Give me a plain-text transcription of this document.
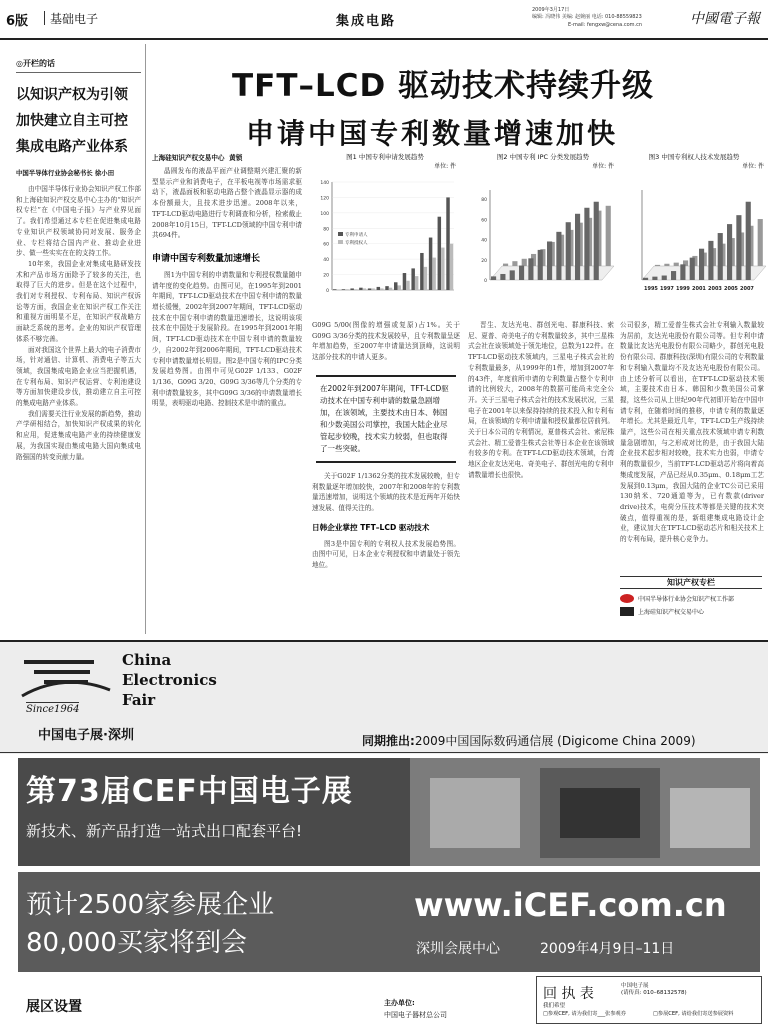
6版 基础电子	集成电路
2009年3月17日
编辑: 冯晓伟 美编: 赵婉丽 电话: 010-88559823
E-mail: fengxw@cena.com.cn	中國電子報
◎开栏的话
以知识产权为引领
加快建立自主可控
集成电路产业体系
中国半导体行业协会秘书长 徐小田

由中国半导体行业协会知识产权工作部和上海硅知识产权交易中心主办的“知识产权专栏”在《中国电子报》与产业界见面了。我们希望通过本专栏在促进集成电路专业知识产权领域协同对发展、服务企业、专栏将结合国内产业、推动企业进步、做一些实实在在的支持工作。

10年来，我国企业对集成电路研发技术和产品市场方面除予了较多的关注，也取得了巨大的进步。但是在这个过程中，我们对专利授权、专利布局、知识产权诉讼等方面，我国企业在知识产权工作关注和重视方面明显不足，在知识产权战略方面缺乏系统的思考。企业的知识产权管理体系不够完善。

面对我国这个世界上最大的电子消费市场，针对通信、计算机、消费电子等五大领域，我国集成电路企业应当把握机遇，在专利布局、知识产权运营、专利池建设等方面加快建设步伐，推动建立自主可控的集成电路产业体系。

我们需要关注行业发展的新趋势，推动产学研相结合，加快知识产权成果的转化和应用，促进集成电路产业的持续健康发展，为我国实现由集成电路大国向集成电路强国的转变贡献力量。

TFT–LCD 驱动技术持续升级
申请中国专利数量增速加快
上海硅知识产权交易中心 黄锁

晶圆发布的液晶平面产业调整期兴建汇聚的新型显示产业和消费电子，在平板电视等市场需求驱动下，液晶面板和驱动电路占整个液晶显示器的成本份额最大，且技术进步迅速。2008年以来，TFT-LCD驱动电路进行专利调查和分析，检索截止2008年10月15日，TFT-LCD领域的中国专利申请共694件。

申请中国专利数量加速增长

图1为中国专利的申请数量和专利授权数量随申请年度的变化趋势。由图可见，在1995年到2001年期间，TFT-LCD驱动技术在中国专利申请的数量增长缓慢，2002年到2007年期间，TFT-LCD驱动技术在中国专利申请的数量迅速增长，这说明该项技术在中国处于发展阶段。在1995年到2001年期间，TFT-LCD驱动技术在中国专利申请的数量较少，自2002年到2006年期间，TFT-LCD驱动技术专利申请数量增长明显。图2是中国专利的IPC分类发展趋势图。由图中可见G02F 1/133、G02F 1/136、G09G 3/20、G09G 3/36等几个分类的专利申请数量较多，其中G09G 3/36的申请数量增长明显，表明驱动电路、控制技术是申请的重点。

图1 中国专利申请发展趋势
单位: 件
0
20
40
60
80
100
120
140
专利申请人
专利授权人
图2 中国专利 IPC 分类发展趋势
单位: 件
0
20
40
60
80
图3 中国专利权人技术发展趋势
单位: 件
1995 1997 1999 2001 2003 2005 2007

G09G 5/00(图像的增强或复原)占1%。关于G09G 3/36分类的技术发展较早，且专利数量呈逐年增加趋势，至2007年申请量达到顶峰，这说明这部分技术的申请人更多。

在2002年到2007年期间，TFT-LCD驱动技术在中国专利申请的数量急剧增加，在该领域，主要技术由日本、韩国和少数美国公司掌控，我国大陆企业尽管起步较晚，技术实力较弱，但也取得了一些突破。

关于G02F 1/1362分类的技术发展较晚，但专利数量逐年增加较快，2007年和2008年的专利数量迅速增加，说明这个领域的技术是近两年开始快速发展、值得关注的。

日韩企业掌控 TFT–LCD 驱动技术

图3是中国专利的专利权人技术发展趋势图。由图中可见，日本企业专利授权和申请量处于领先地位。

晋生、友达光电、群创光电、群康科技、索尼、夏普、奇美电子的专利数量较多，其中三星株式会社在该领域处于领先地位，总数为122件。在TFT-LCD驱动技术领域内，三星电子株式会社的专利数量最多，从1999年的1件，增加到2007年的43件，年度前所申请的专利数量占整个专利申请的比例较大，2008年的数据可能尚未完全公开。关于三星电子株式会社的技术发展状况，三星电子在2001年以来保持持续的技术投入和专利布局，在该领域的专利申请量和授权量都位居前列。关于日本公司的专利情况，夏普株式会社、索尼株式会社、精工爱普生株式会社等日本企业在该领域有较多的专利。在TFT-LCD驱动技术领域，台湾地区企业友达光电、奇美电子、群创光电的专利申请数量增长也很快。

公司很多，精工爱普生株式会社专利输入数量较为居前，友达光电股份有限公司等。但专利申请数量比友达光电股份有限公司略少，群创光电股份有限公司、群康科技(深圳)有限公司的专利数量和专利输入数量均不及友达光电股份有限公司。由上述分析可以看出，在TFT-LCD驱动技术领域，主要技术由日本、韩国和少数美国公司掌握，这些公司从上世纪90年代初即开始在中国申请专利，在随着时间的推移，申请专利的数量逐年增长。尤其是最近几年，TFT-LCD生产线持续量产，这些公司在相关重点技术领域申请专利数量急剧增加，与之形成对比的是，由于我国大陆企业技术起步相对较晚，技术实力也弱，申请专利的数量很少，当前TFT-LCD驱动芯片将向着高集成度发展，产品已经从0.35μm、0.18μm工艺发展到0.13μm，我国大陆的企业TC公司已采用130纳米、720通道等为，已有数款(driver drive)技术，电荷分压技术等都是关键的技术突破点，值得重视的是，新组建集成电路设计企业，建议加大在TFT-LCD驱动芯片和相关技术上的专利布局，提升核心竞争力。

知识产权专栏
中国半导体行业协会知识产权工作部
上海硅知识产权交易中心
Since1964
China
Electronics
Fair
中国电子展·深圳	同期推出:2009中国国际数码通信展 (Digicome China 2009)
第73届CEF中国电子展
新技术、新产品打造一站式出口配套平台!
预计2500家参展企业
80,000买家将到会
www.iCEF.com.cn
深圳会展中心	2009年4月9日–11日
展区设置	主办单位:
中国电子器材总公司
回 执 表	中国电子展
(请传真: 010–68132578)
我们希望
□参观CEF, 请为我们寄___张参观券	□参展CEF, 请给我们寄送参展资料
